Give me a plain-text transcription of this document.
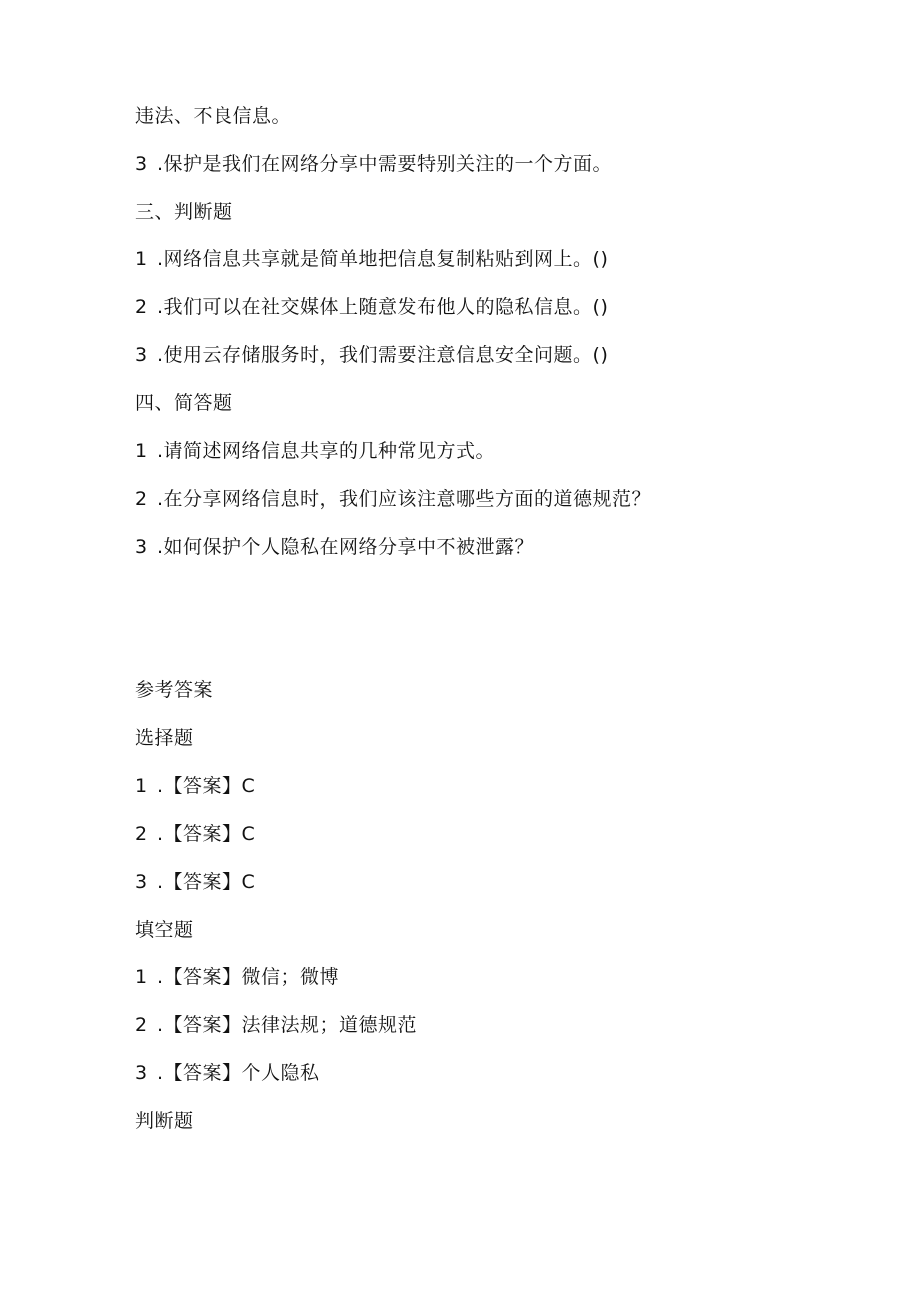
违法、不良信息。
3 .保护是我们在网络分享中需要特别关注的一个方面。
三、判断题
1 .网络信息共享就是简单地把信息复制粘贴到网上。()
2 .我们可以在社交媒体上随意发布他人的隐私信息。()
3 .使用云存储服务时，我们需要注意信息安全问题。()
四、简答题
1 .请简述网络信息共享的几种常见方式。
2 .在分享网络信息时，我们应该注意哪些方面的道德规范？
3 .如何保护个人隐私在网络分享中不被泄露？
参考答案
选择题
1 .【答案】C
2 .【答案】C
3 .【答案】C
填空题
1 .【答案】微信；微博
2 .【答案】法律法规；道德规范
3 .【答案】个人隐私
判断题
